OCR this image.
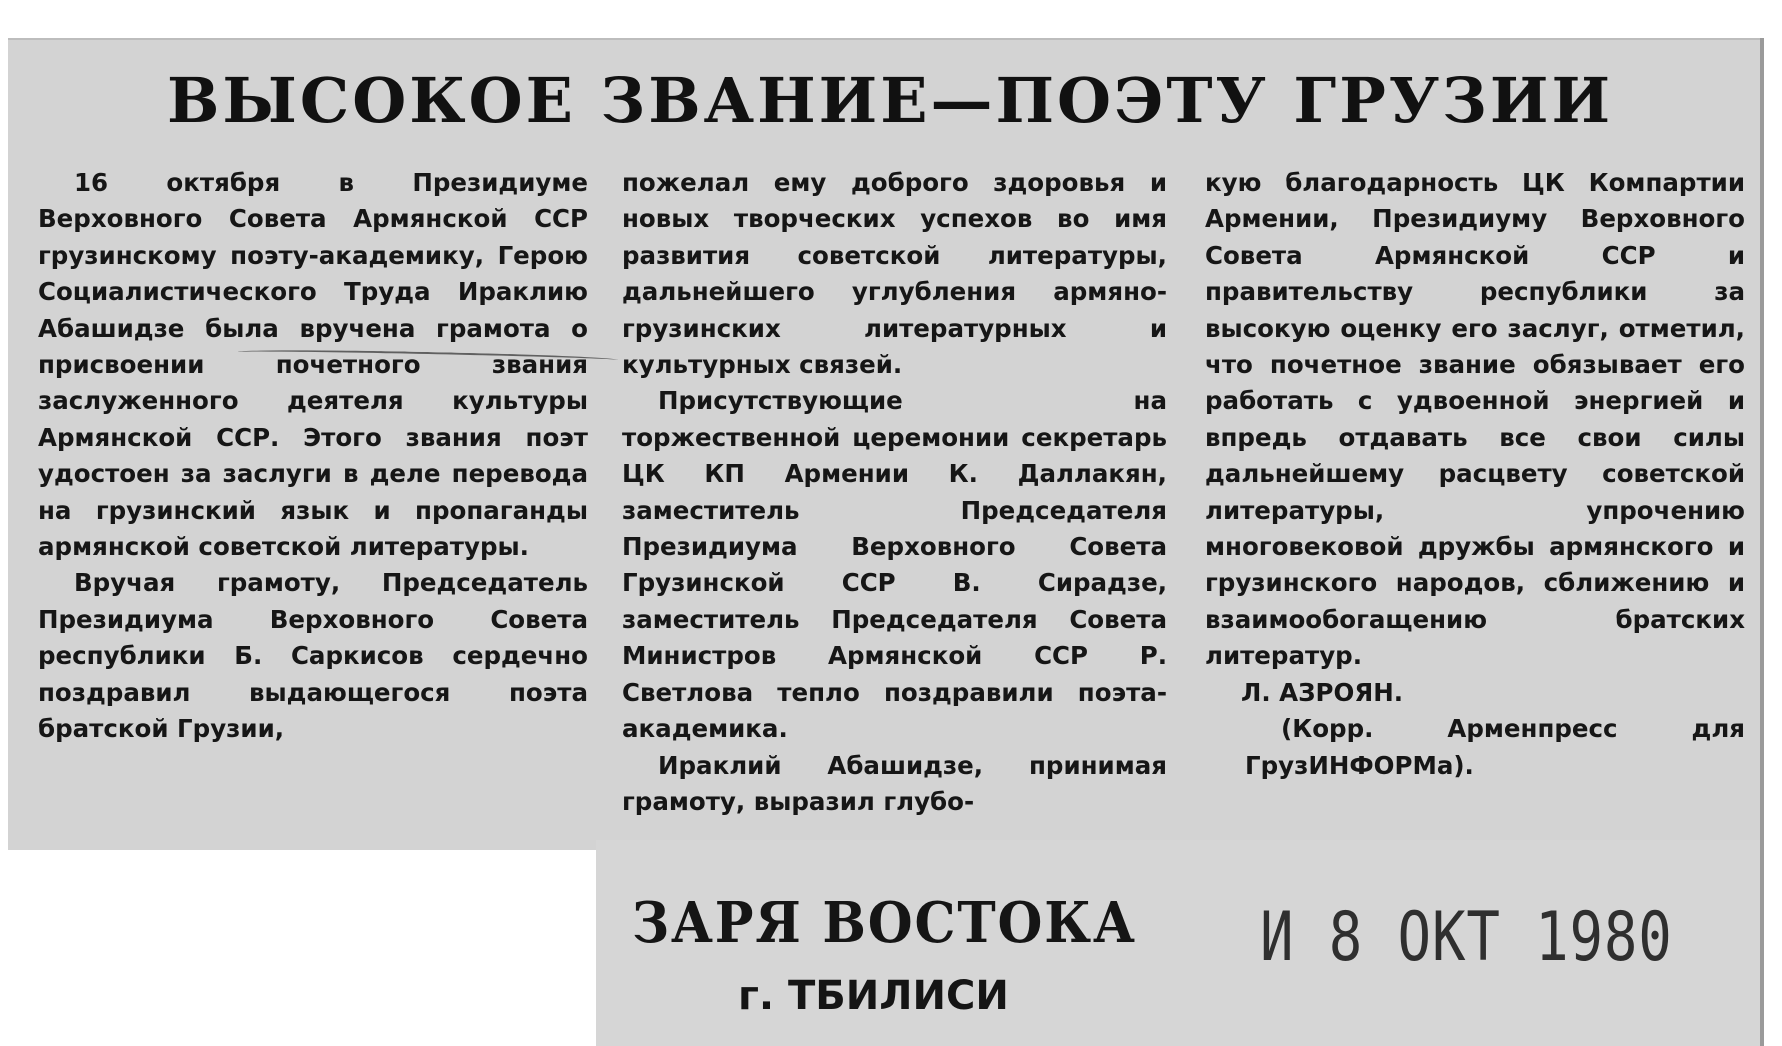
ВЫСОКОЕ ЗВАНИЕ—ПОЭТУ ГРУЗИИ

16 октября в Президиуме Верховного Совета Армянской ССР грузинскому поэту-академику, Герою Социалистического Труда Ираклию Абашидзе была вручена грамота о присвоении почетного звания заслуженного деятеля культуры Армянской ССР. Этого звания поэт удостоен за заслуги в деле перевода на грузинский язык и пропаганды армянской советской литературы.

Вручая грамоту, Председатель Президиума Верховного Совета республики Б. Саркисов сердечно поздравил выдающегося поэта братской Грузии,

пожелал ему доброго здоровья и новых творческих успехов во имя развития советской литературы, дальнейшего углубления армяно-грузинских литературных и культурных связей.

Присутствующие на торжественной церемонии секретарь ЦК КП Армении К. Даллакян, заместитель Председателя Президиума Верховного Совета Грузинской ССР В. Сирадзе, заместитель Председателя Совета Министров Армянской ССР Р. Светлова тепло поздравили поэта-академика.

Ираклий Абашидзе, принимая грамоту, выразил глубо-

кую благодарность ЦК Компартии Армении, Президиуму Верховного Совета Армянской ССР и правительству республики за высокую оценку его заслуг, отметил, что почетное звание обязывает его работать с удвоенной энергией и впредь отдавать все свои силы дальнейшему расцвету советской литературы, упрочению многовековой дружбы армянского и грузинского народов, сближению и взаимообогащению братских литератур.

Л. АЗРОЯН.

(Корр. Арменпресс для ГрузИНФОРМа).

ЗАРЯ ВОСТОКА
г. ТБИЛИСИ
И 8 ОКТ 1980
